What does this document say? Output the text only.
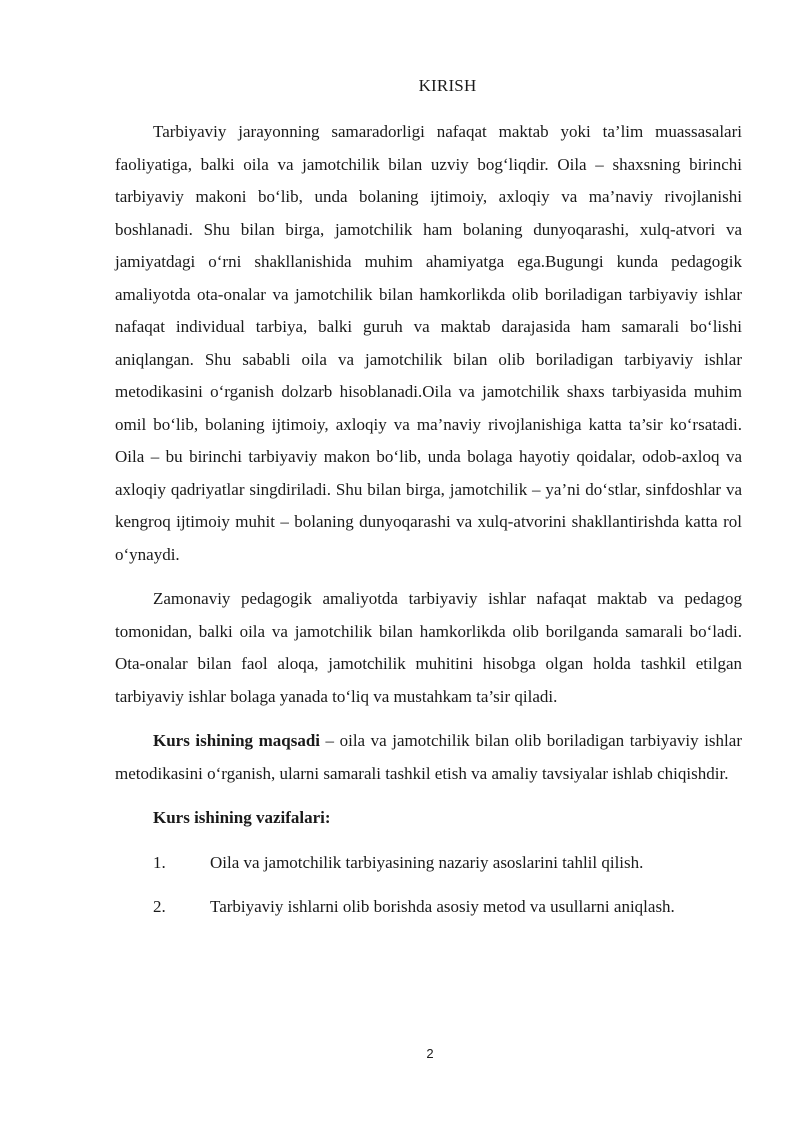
KIRISH

Tarbiyaviy jarayonning samaradorligi nafaqat maktab yoki ta’lim muassasalari faoliyatiga, balki oila va jamotchilik bilan uzviy bog‘liqdir. Oila – shaxsning birinchi tarbiyaviy makoni bo‘lib, unda bolaning ijtimoiy, axloqiy va ma’naviy rivojlanishi boshlanadi. Shu bilan birga, jamotchilik ham bolaning dunyoqarashi, xulq-atvori va jamiyatdagi o‘rni shakllanishida muhim ahamiyatga ega.Bugungi kunda pedagogik amaliyotda ota-onalar va jamotchilik bilan hamkorlikda olib boriladigan tarbiyaviy ishlar nafaqat individual tarbiya, balki guruh va maktab darajasida ham samarali bo‘lishi aniqlangan. Shu sababli oila va jamotchilik bilan olib boriladigan tarbiyaviy ishlar metodikasini o‘rganish dolzarb hisoblanadi.Oila va jamotchilik shaxs tarbiyasida muhim omil bo‘lib, bolaning ijtimoiy, axloqiy va ma’naviy rivojlanishiga katta ta’sir ko‘rsatadi. Oila – bu birinchi tarbiyaviy makon bo‘lib, unda bolaga hayotiy qoidalar, odob-axloq va axloqiy qadriyatlar singdiriladi. Shu bilan birga, jamotchilik – ya’ni do‘stlar, sinfdoshlar va kengroq ijtimoiy muhit – bolaning dunyoqarashi va xulq-atvorini shakllantirishda katta rol o‘ynaydi.

Zamonaviy pedagogik amaliyotda tarbiyaviy ishlar nafaqat maktab va pedagog tomonidan, balki oila va jamotchilik bilan hamkorlikda olib borilganda samarali bo‘ladi. Ota-onalar bilan faol aloqa, jamotchilik muhitini hisobga olgan holda tashkil etilgan tarbiyaviy ishlar bolaga yanada to‘liq va mustahkam ta’sir qiladi.

Kurs ishining maqsadi – oila va jamotchilik bilan olib boriladigan tarbiyaviy ishlar metodikasini o‘rganish, ularni samarali tashkil etish va amaliy tavsiyalar ishlab chiqishdir.

Kurs ishining vazifalari:

1.	Oila va jamotchilik tarbiyasining nazariy asoslarini tahlil qilish.
2.	Tarbiyaviy ishlarni olib borishda asosiy metod va usullarni aniqlash.
2
